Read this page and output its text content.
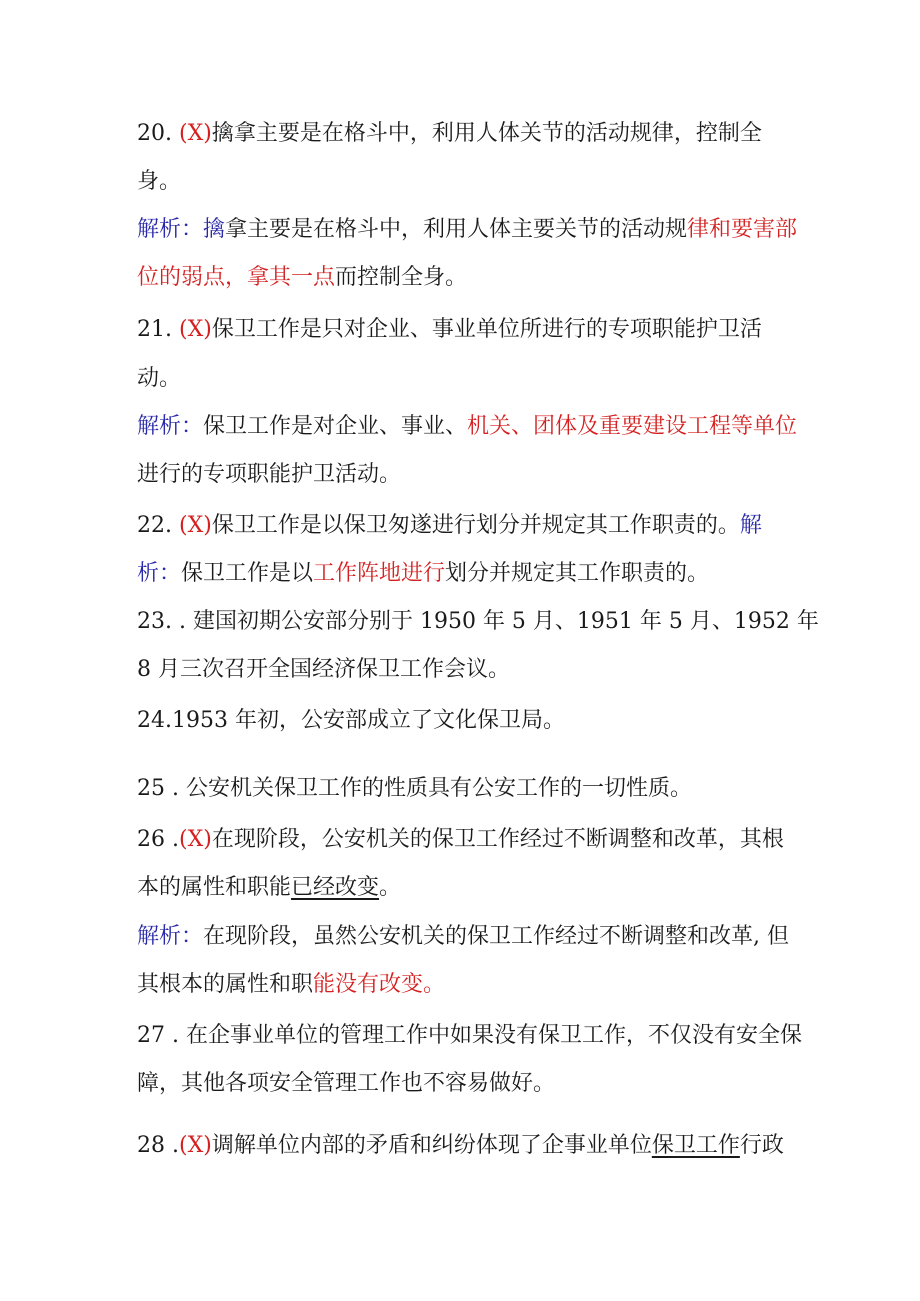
20. (X)擒拿主要是在格斗中，利用人体关节的活动规律，控制全
身。
解析：擒拿主要是在格斗中，利用人体主要关节的活动规律和要害部
位的弱点，拿其一点而控制全身。
21. (X)保卫工作是只对企业、事业单位所进行的专项职能护卫活
动。
解析：保卫工作是对企业、事业、机关、团体及重要建设工程等单位
进行的专项职能护卫活动。
22. (X)保卫工作是以保卫匆遂进行划分并规定其工作职责的。解
析：保卫工作是以工作阵地进行划分并规定其工作职责的。
23. . 建国初期公安部分别于 1950 年 5 月、1951 年 5 月、1952 年
8 月三次召开全国经济保卫工作会议。
24.1953 年初，公安部成立了文化保卫局。
25 . 公安机关保卫工作的性质具有公安工作的一切性质。
26 .(X)在现阶段，公安机关的保卫工作经过不断调整和改革，其根
本的属性和职能已经改变。
解析：在现阶段，虽然公安机关的保卫工作经过不断调整和改革, 但
其根本的属性和职能没有改变。
27 . 在企事业单位的管理工作中如果没有保卫工作，不仅没有安全保
障，其他各项安全管理工作也不容易做好。
28 .(X)调解单位内部的矛盾和纠纷体现了企事业单位保卫工作行政
